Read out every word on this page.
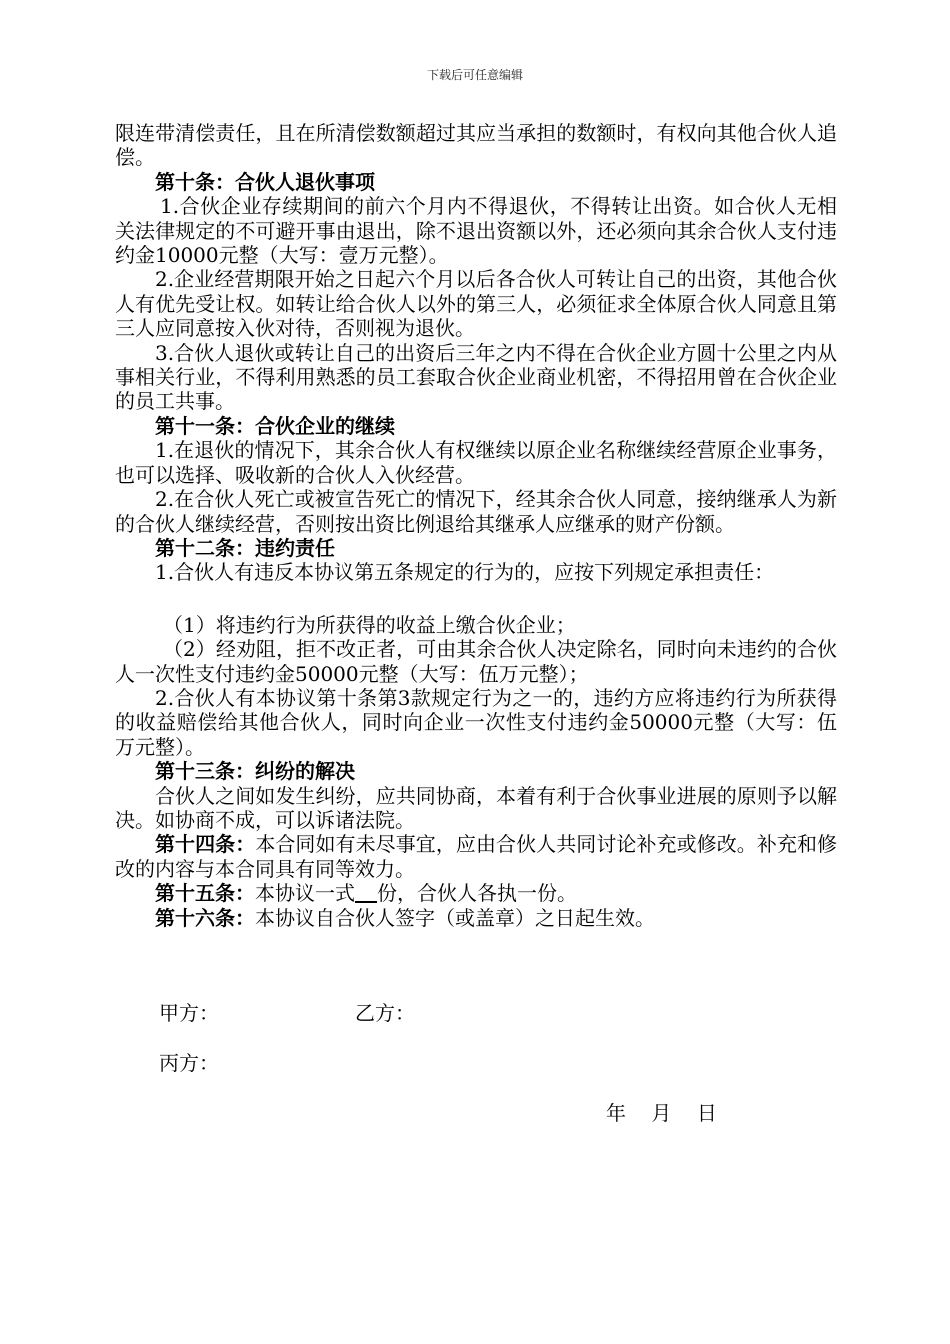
下载后可任意编辑

限连带清偿责任，且在所清偿数额超过其应当承担的数额时，有权向其他合伙人追偿。

第十条：合伙人退伙事项

1.合伙企业存续期间的前六个月内不得退伙，不得转让出资。如合伙人无相关法律规定的不可避开事由退出，除不退出资额以外，还必须向其余合伙人支付违约金10000元整（大写：壹万元整）。

2.企业经营期限开始之日起六个月以后各合伙人可转让自己的出资，其他合伙人有优先受让权。如转让给合伙人以外的第三人，必须征求全体原合伙人同意且第三人应同意按入伙对待，否则视为退伙。

3.合伙人退伙或转让自己的出资后三年之内不得在合伙企业方圆十公里之内从事相关行业，不得利用熟悉的员工套取合伙企业商业机密，不得招用曾在合伙企业的员工共事。

第十一条：合伙企业的继续

1.在退伙的情况下，其余合伙人有权继续以原企业名称继续经营原企业事务，也可以选择、吸收新的合伙人入伙经营。

2.在合伙人死亡或被宣告死亡的情况下，经其余合伙人同意，接纳继承人为新的合伙人继续经营，否则按出资比例退给其继承人应继承的财产份额。

第十二条：违约责任

1.合伙人有违反本协议第五条规定的行为的，应按下列规定承担责任：

（1）将违约行为所获得的收益上缴合伙企业；

（2）经劝阻，拒不改正者，可由其余合伙人决定除名，同时向未违约的合伙人一次性支付违约金50000元整（大写：伍万元整）；

2.合伙人有本协议第十条第3款规定行为之一的，违约方应将违约行为所获得的收益赔偿给其他合伙人，同时向企业一次性支付违约金50000元整（大写：伍万元整）。

第十三条：纠纷的解决

合伙人之间如发生纠纷，应共同协商，本着有利于合伙事业进展的原则予以解决。如协商不成，可以诉诸法院。

第十四条：本合同如有未尽事宜，应由合伙人共同讨论补充或修改。补充和修改的内容与本合同具有同等效力。

第十五条：本协议一式 份，合伙人各执一份。

第十六条：本协议自合伙人签字（或盖章）之日起生效。

甲方：	乙方：
丙方：
年    月    日
